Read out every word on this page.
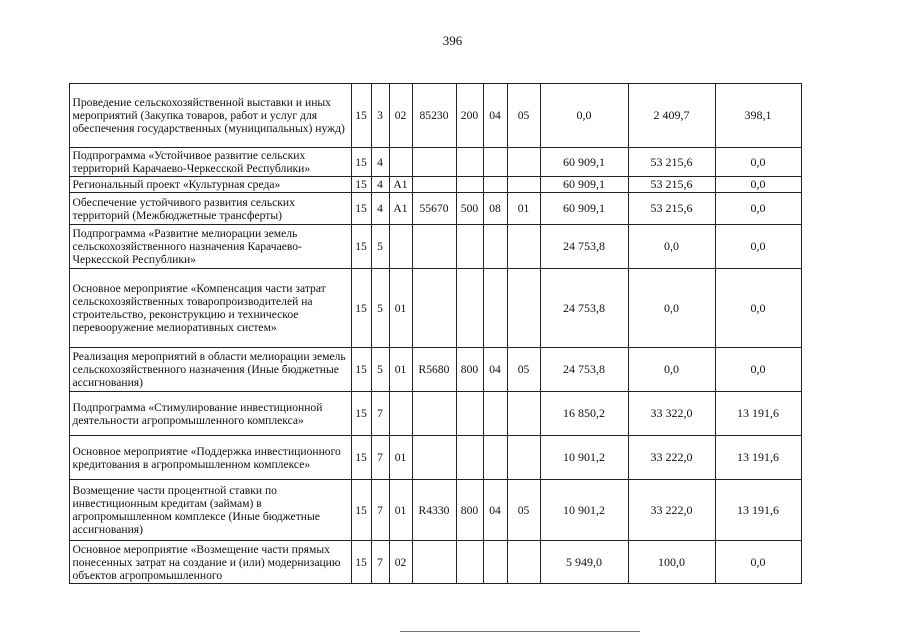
396
	Проведение сельскохозяйственной выставки и иных мероприятий (Закупка товаров, работ и услуг для обеспечения государственных (муниципальных) нужд)	15	3	02	85230	200	04	05	0,0	2 409,7	398,1
	Подпрограмма «Устойчивое развитие сельских территорий Карачаево-Черкесской Республики»	15	4						60 909,1	53 215,6	0,0
	Региональный проект «Культурная среда»	15	4	А1					60 909,1	53 215,6	0,0
	Обеспечение устойчивого развития сельских территорий (Межбюджетные трансферты)	15	4	А1	55670	500	08	01	60 909,1	53 215,6	0,0
	Подпрограмма «Развитие мелиорации земель сельскохозяйственного назначения Карачаево-Черкесской Республики»	15	5						24 753,8	0,0	0,0
	Основное мероприятие «Компенсация части затрат сельскохозяйственных товаропроизводителей на строительство, реконструкцию и техническое перевооружение мелиоративных систем»	15	5	01					24 753,8	0,0	0,0
	Реализация мероприятий в области мелиорации земель сельскохозяйственного назначения (Иные бюджетные ассигнования)	15	5	01	R5680	800	04	05	24 753,8	0,0	0,0
	Подпрограмма «Стимулирование инвестиционной деятельности агропромышленного комплекса»	15	7						16 850,2	33 322,0	13 191,6
	Основное мероприятие «Поддержка инвестиционного кредитования в агропромышленном комплексе»	15	7	01					10 901,2	33 222,0	13 191,6
	Возмещение части процентной ставки по инвестиционным кредитам (займам) в агропромышленном комплексе (Иные бюджетные ассигнования)	15	7	01	R4330	800	04	05	10 901,2	33 222,0	13 191,6
	Основное мероприятие «Возмещение части прямых понесенных затрат на создание и (или) модернизацию объектов агропромышленного	15	7	02					5 949,0	100,0	0,0
